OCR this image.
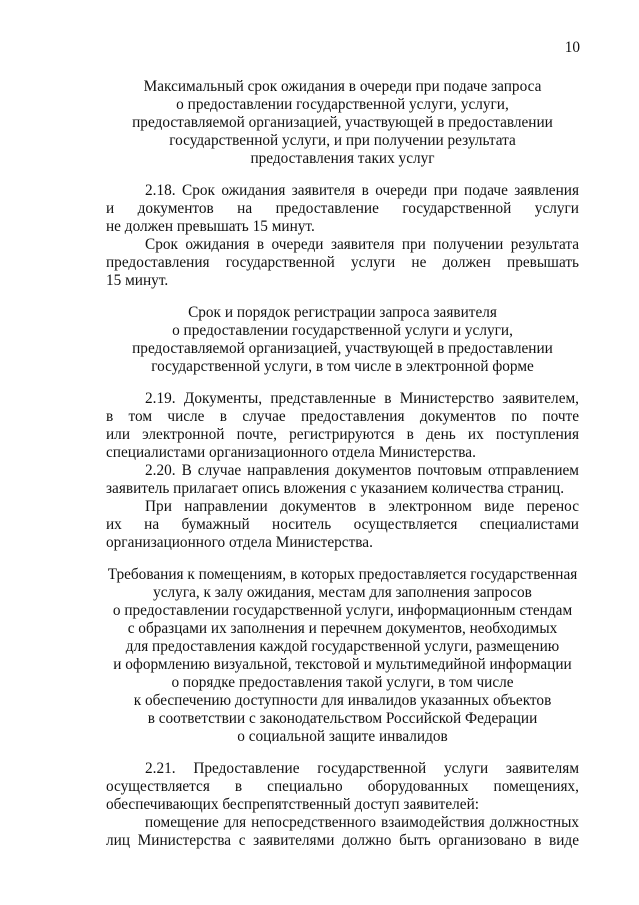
10
Максимальный срок ожидания в очереди при подаче запроса
о предоставлении государственной услуги, услуги,
предоставляемой организацией, участвующей в предоставлении
государственной услуги, и при получении результата
предоставления таких услуг
2.18. Срок ожидания заявителя в очереди при подаче заявления
и документов на предоставление государственной услуги
не должен превышать 15 минут.
Срок ожидания в очереди заявителя при получении результата
предоставления государственной услуги не должен превышать
15 минут.
Срок и порядок регистрации запроса заявителя
о предоставлении государственной услуги и услуги,
предоставляемой организацией, участвующей в предоставлении
государственной услуги, в том числе в электронной форме
2.19. Документы, представленные в Министерство заявителем,
в том числе в случае предоставления документов по почте
или электронной почте, регистрируются в день их поступления
специалистами организационного отдела Министерства.
2.20. В случае направления документов почтовым отправлением
заявитель прилагает опись вложения с указанием количества страниц.
При направлении документов в электронном виде перенос
их на бумажный носитель осуществляется специалистами
организационного отдела Министерства.
Требования к помещениям, в которых предоставляется государственная
услуга, к залу ожидания, местам для заполнения запросов
о предоставлении государственной услуги, информационным стендам
с образцами их заполнения и перечнем документов, необходимых
для предоставления каждой государственной услуги, размещению
и оформлению визуальной, текстовой и мультимедийной информации
о порядке предоставления такой услуги, в том числе
к обеспечению доступности для инвалидов указанных объектов
в соответствии с законодательством Российской Федерации
о социальной защите инвалидов
2.21. Предоставление государственной услуги заявителям
осуществляется в специально оборудованных помещениях,
обеспечивающих беспрепятственный доступ заявителей:
помещение для непосредственного взаимодействия должностных
лиц Министерства с заявителями должно быть организовано в виде
